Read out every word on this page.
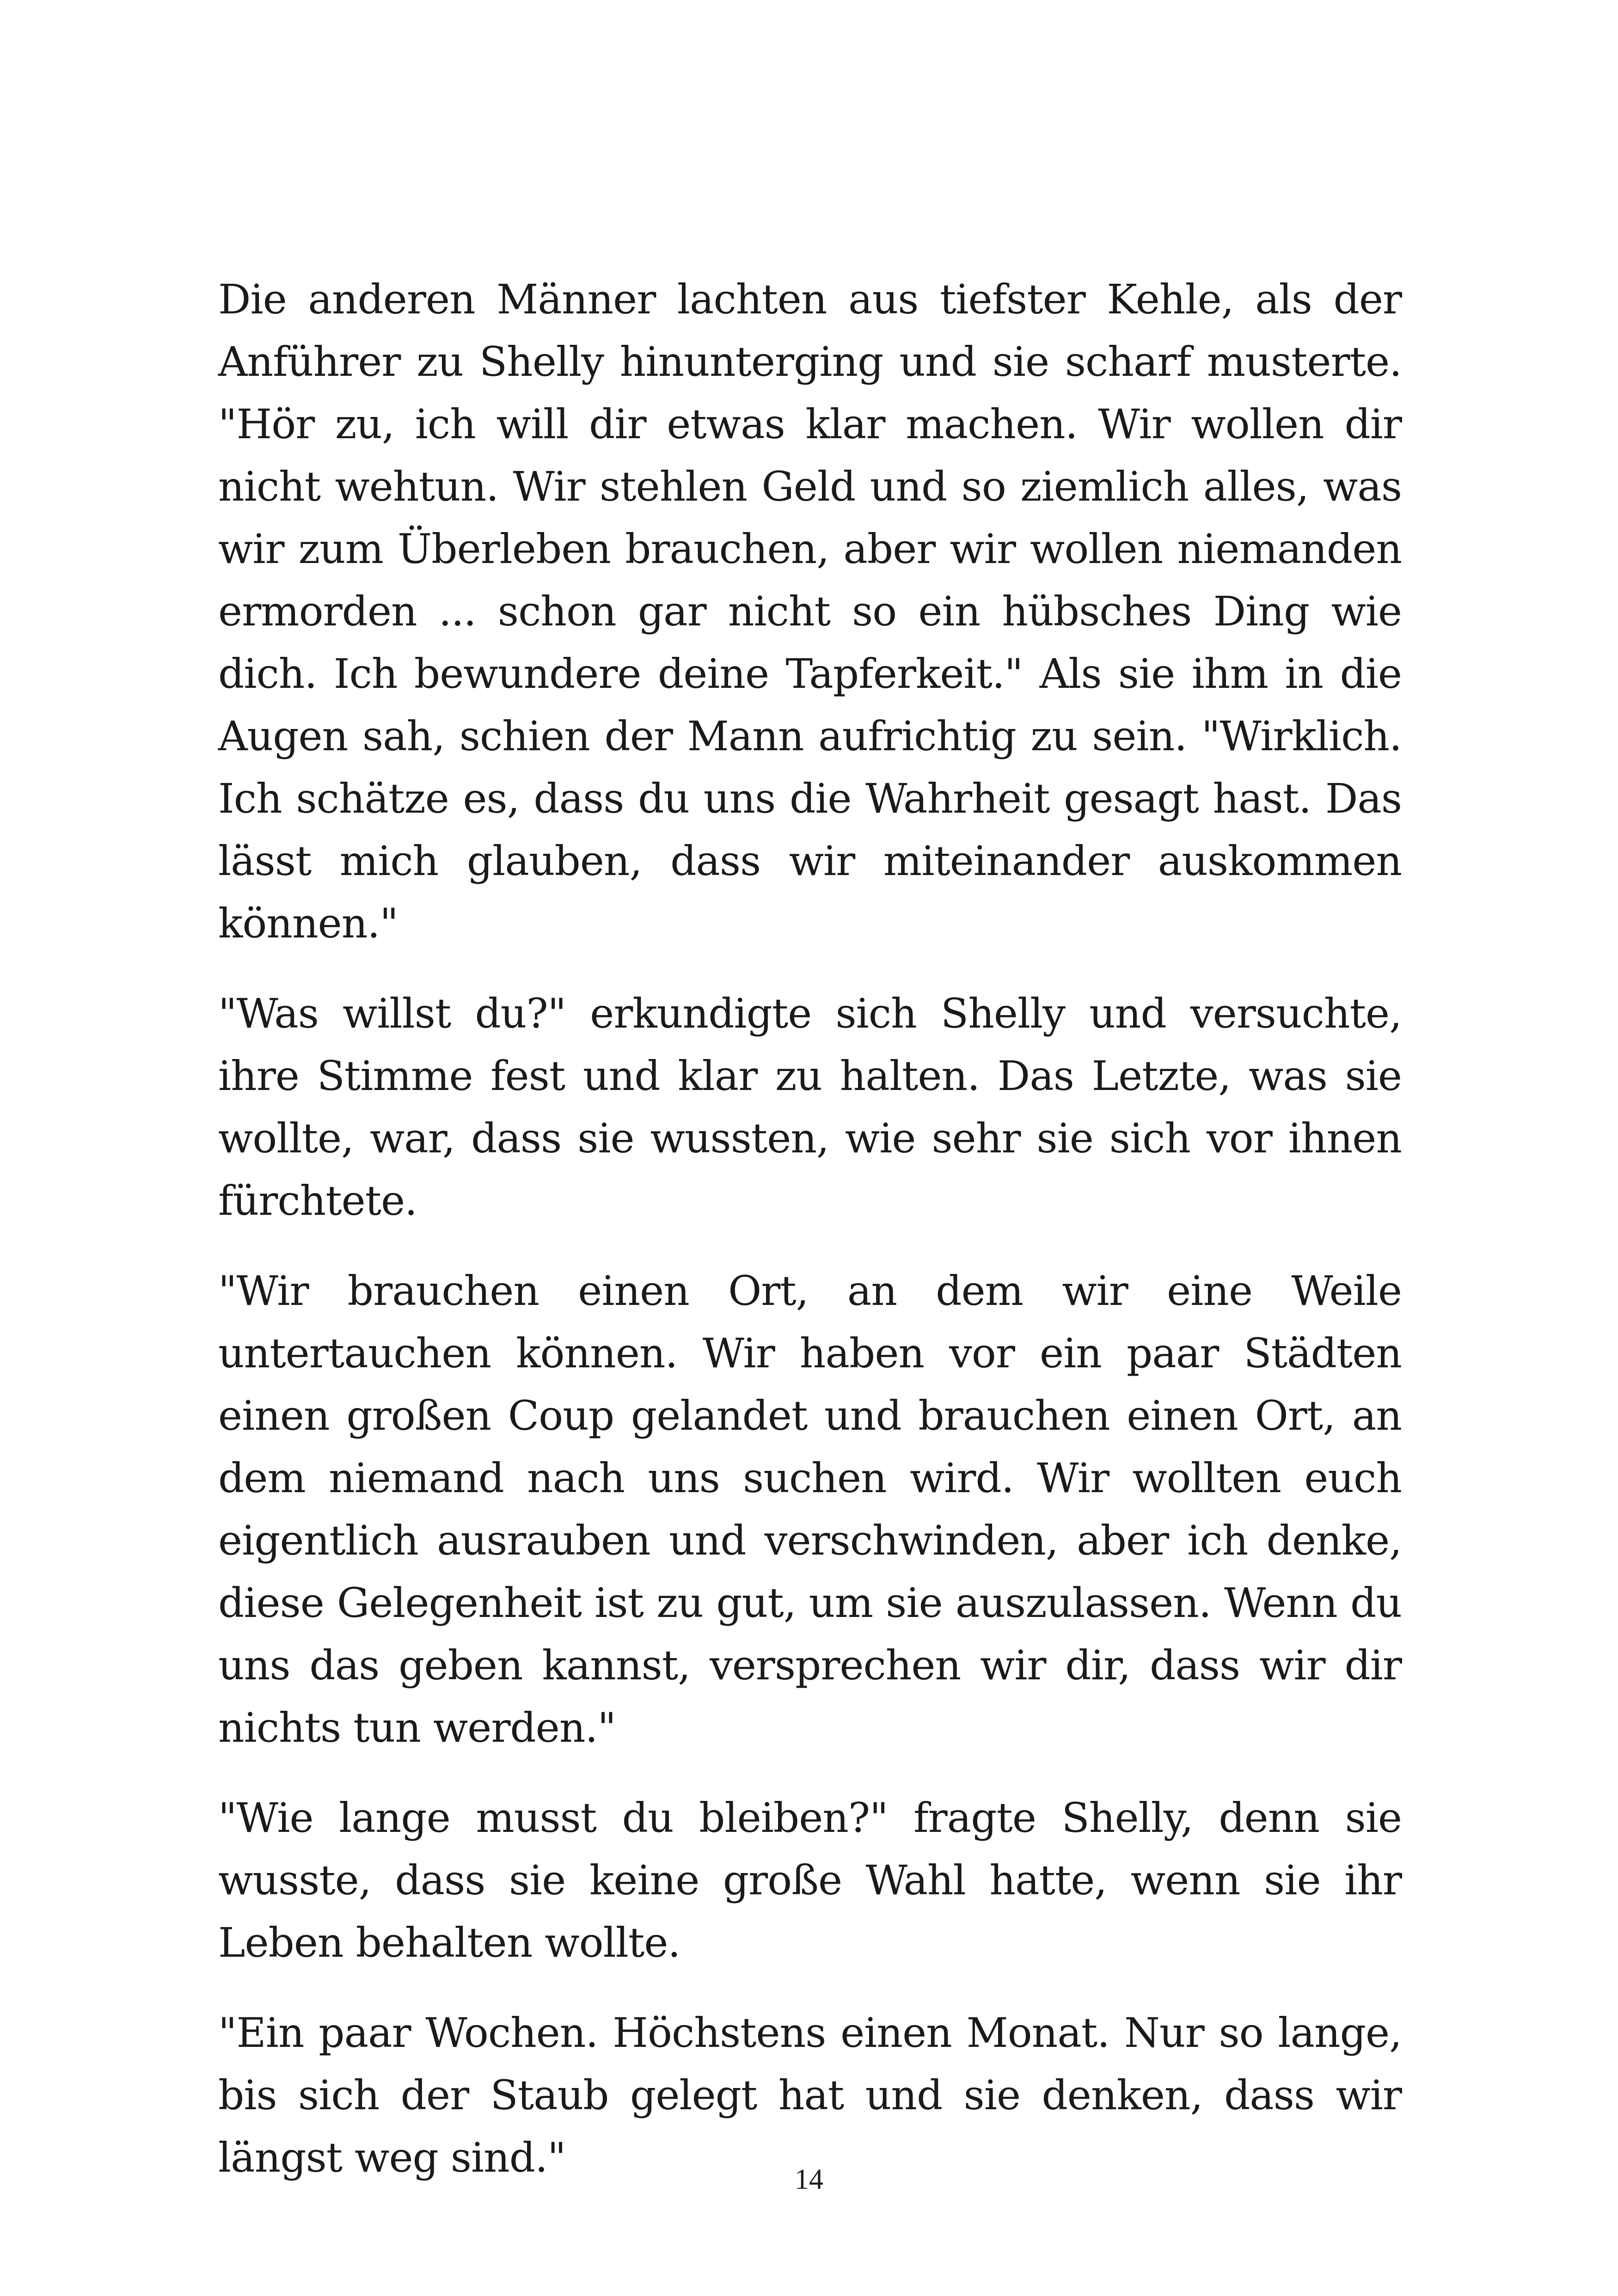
Die anderen Männer lachten aus tiefster Kehle, als der Anführer zu Shelly hinunterging und sie scharf musterte. "Hör zu, ich will dir etwas klar machen. Wir wollen dir nicht wehtun. Wir stehlen Geld und so ziemlich alles, was wir zum Überleben brauchen, aber wir wollen niemanden ermorden ... schon gar nicht so ein hübsches Ding wie dich. Ich bewundere deine Tapferkeit." Als sie ihm in die Augen sah, schien der Mann aufrichtig zu sein. "Wirklich. Ich schätze es, dass du uns die Wahrheit gesagt hast. Das lässt mich glauben, dass wir miteinander auskommen können."

"Was willst du?" erkundigte sich Shelly und versuchte, ihre Stimme fest und klar zu halten. Das Letzte, was sie wollte, war, dass sie wussten, wie sehr sie sich vor ihnen fürchtete.

"Wir brauchen einen Ort, an dem wir eine Weile untertauchen können. Wir haben vor ein paar Städten einen großen Coup gelandet und brauchen einen Ort, an dem niemand nach uns suchen wird. Wir wollten euch eigentlich ausrauben und verschwinden, aber ich denke, diese Gelegenheit ist zu gut, um sie auszulassen. Wenn du uns das geben kannst, versprechen wir dir, dass wir dir nichts tun werden."

"Wie lange musst du bleiben?" fragte Shelly, denn sie wusste, dass sie keine große Wahl hatte, wenn sie ihr Leben behalten wollte.

"Ein paar Wochen. Höchstens einen Monat. Nur so lange, bis sich der Staub gelegt hat und sie denken, dass wir längst weg sind."	14
